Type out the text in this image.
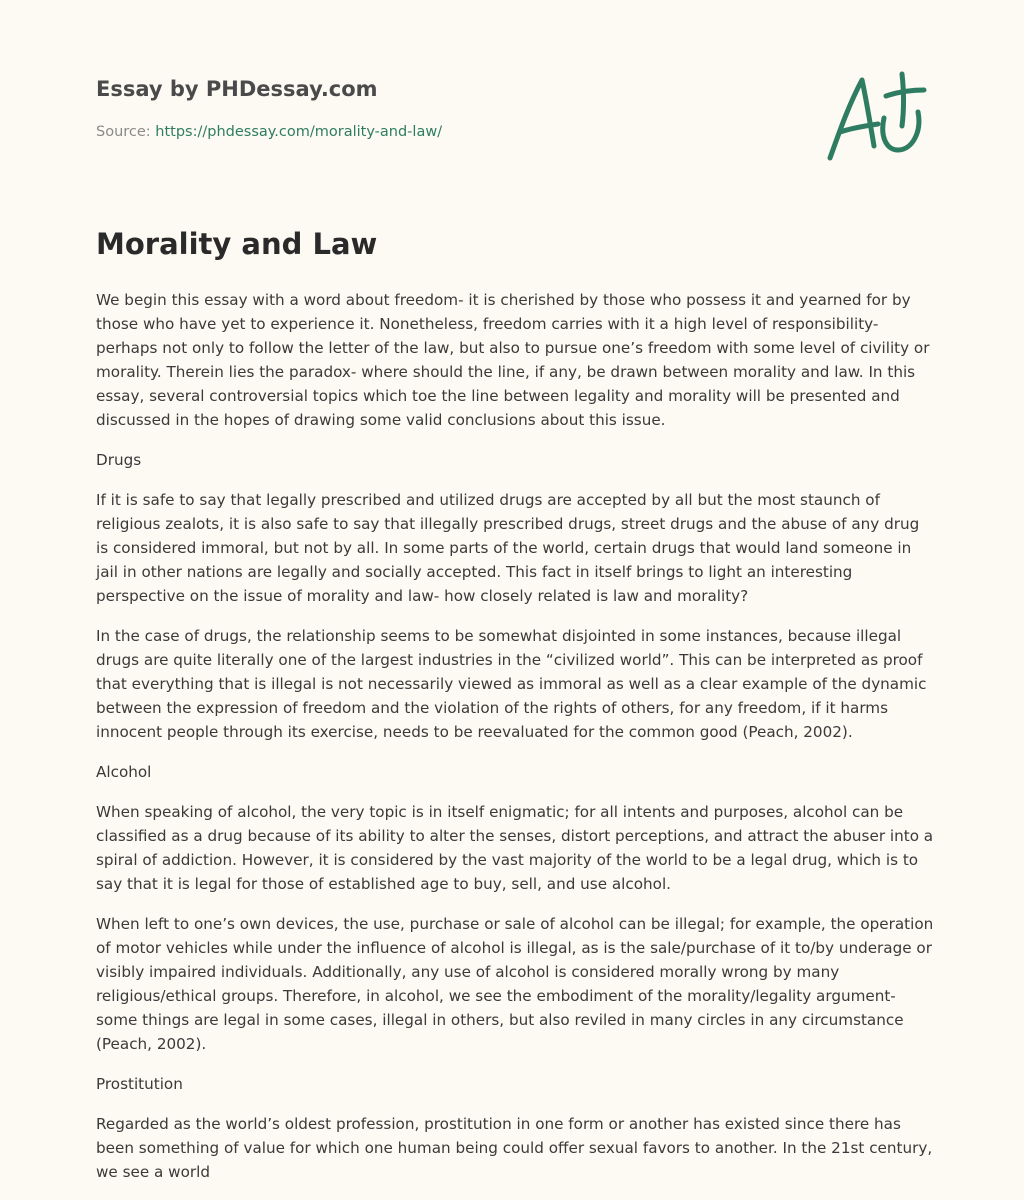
Essay by PHDessay.com
Source: https://phdessay.com/morality-and-law/
Morality and Law

We begin this essay with a word about freedom- it is cherished by those who possess it and yearned for by those who have yet to experience it. Nonetheless, freedom carries with it a high level of responsibility- perhaps not only to follow the letter of the law, but also to pursue one’s freedom with some level of civility or morality. Therein lies the paradox- where should the line, if any, be drawn between morality and law. In this essay, several controversial topics which toe the line between legality and morality will be presented and discussed in the hopes of drawing some valid conclusions about this issue.

Drugs

If it is safe to say that legally prescribed and utilized drugs are accepted by all but the most staunch of religious zealots, it is also safe to say that illegally prescribed drugs, street drugs and the abuse of any drug is considered immoral, but not by all. In some parts of the world, certain drugs that would land someone in jail in other nations are legally and socially accepted. This fact in itself brings to light an interesting perspective on the issue of morality and law- how closely related is law and morality?

In the case of drugs, the relationship seems to be somewhat disjointed in some instances, because illegal drugs are quite literally one of the largest industries in the “civilized world”. This can be interpreted as proof that everything that is illegal is not necessarily viewed as immoral as well as a clear example of the dynamic between the expression of freedom and the violation of the rights of others, for any freedom, if it harms innocent people through its exercise, needs to be reevaluated for the common good (Peach, 2002).

Alcohol

When speaking of alcohol, the very topic is in itself enigmatic; for all intents and purposes, alcohol can be classified as a drug because of its ability to alter the senses, distort perceptions, and attract the abuser into a spiral of addiction. However, it is considered by the vast majority of the world to be a legal drug, which is to say that it is legal for those of established age to buy, sell, and use alcohol.

When left to one’s own devices, the use, purchase or sale of alcohol can be illegal; for example, the operation of motor vehicles while under the influence of alcohol is illegal, as is the sale/purchase of it to/by underage or visibly impaired individuals. Additionally, any use of alcohol is considered morally wrong by many religious/ethical groups. Therefore, in alcohol, we see the embodiment of the morality/legality argument- some things are legal in some cases, illegal in others, but also reviled in many circles in any circumstance (Peach, 2002).

Prostitution

Regarded as the world’s oldest profession, prostitution in one form or another has existed since there has been something of value for which one human being could offer sexual favors to another. In the 21st century, we see a world
